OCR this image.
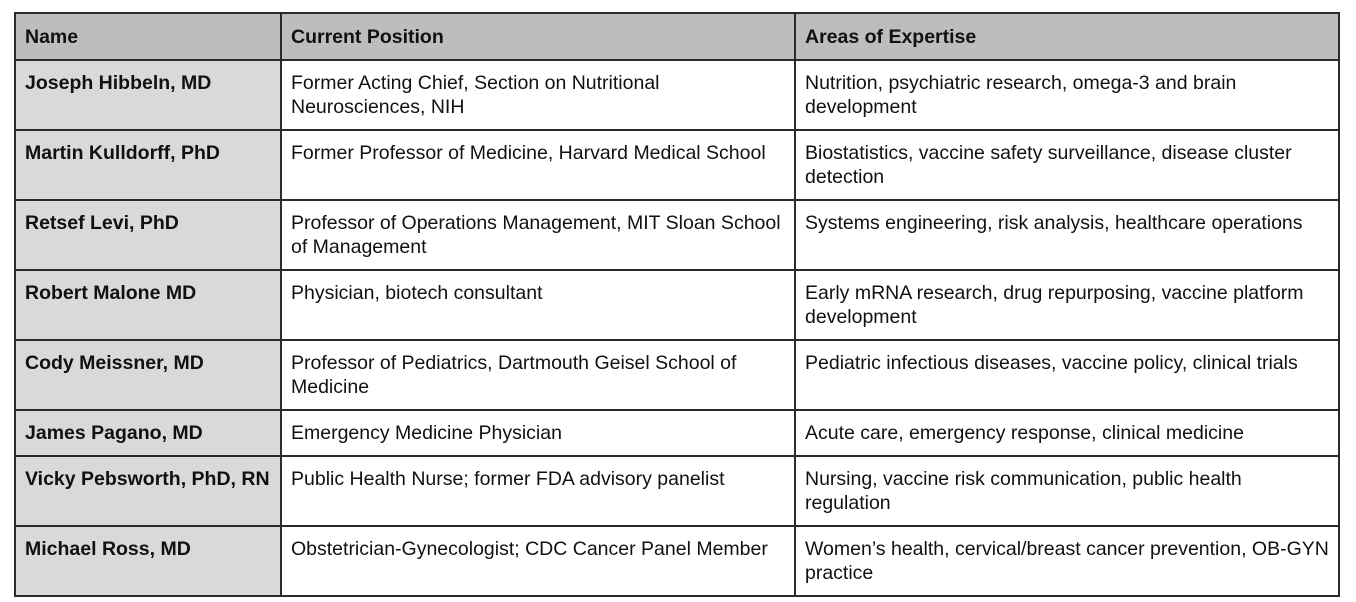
Name	Current Position	Areas of Expertise
Joseph Hibbeln, MD	Former Acting Chief, Section on Nutritional Neurosciences, NIH	Nutrition, psychiatric research, omega-3 and brain development
Martin Kulldorff, PhD	Former Professor of Medicine, Harvard Medical School	Biostatistics, vaccine safety surveillance, disease cluster detection
Retsef Levi, PhD	Professor of Operations Management, MIT Sloan School of Management	Systems engineering, risk analysis, healthcare operations
Robert Malone MD	Physician, biotech consultant	Early mRNA research, drug repurposing, vaccine platform development
Cody Meissner, MD	Professor of Pediatrics, Dartmouth Geisel School of Medicine	Pediatric infectious diseases, vaccine policy, clinical trials
James Pagano, MD	Emergency Medicine Physician	Acute care, emergency response, clinical medicine
Vicky Pebsworth, PhD, RN	Public Health Nurse; former FDA advisory panelist	Nursing, vaccine risk communication, public health regulation
Michael Ross, MD	Obstetrician-Gynecologist; CDC Cancer Panel Member	Women’s health, cervical/breast cancer prevention, OB-GYN practice
